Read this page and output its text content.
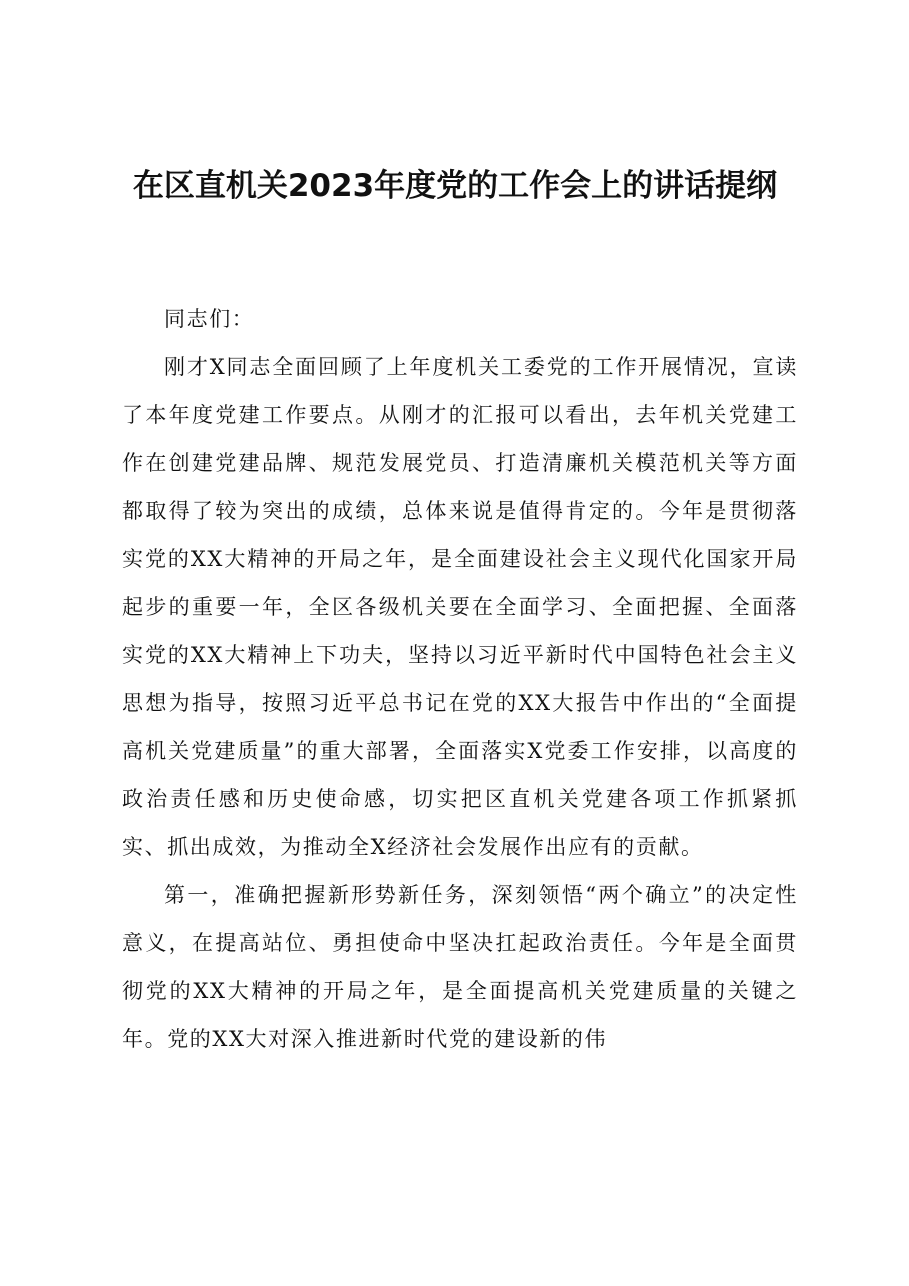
在区直机关2023年度党的工作会上的讲话提纲

同志们：

刚才X同志全面回顾了上年度机关工委党的工作开展情况，宣读了本年度党建工作要点。从刚才的汇报可以看出，去年机关党建工作在创建党建品牌、规范发展党员、打造清廉机关模范机关等方面都取得了较为突出的成绩，总体来说是值得肯定的。今年是贯彻落实党的XX大精神的开局之年，是全面建设社会主义现代化国家开局起步的重要一年，全区各级机关要在全面学习、全面把握、全面落实党的XX大精神上下功夫，坚持以习近平新时代中国特色社会主义思想为指导，按照习近平总书记在党的XX大报告中作出的“全面提高机关党建质量”的重大部署，全面落实X党委工作安排，以高度的政治责任感和历史使命感，切实把区直机关党建各项工作抓紧抓实、抓出成效，为推动全X经济社会发展作出应有的贡献。

第一，准确把握新形势新任务，深刻领悟“两个确立”的决定性意义，在提高站位、勇担使命中坚决扛起政治责任。今年是全面贯彻党的XX大精神的开局之年，是全面提高机关党建质量的关键之年。党的XX大对深入推进新时代党的建设新的伟
